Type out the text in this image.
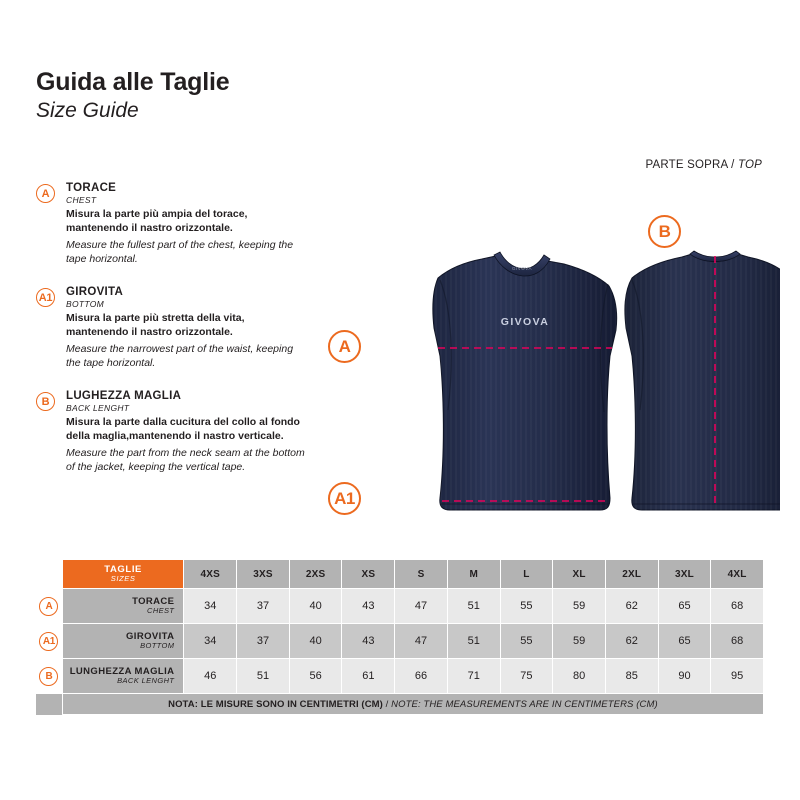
Guida alle Taglie
Size Guide
PARTE SOPRA / TOP
A	TORACE
CHEST
Misura la parte più ampia del torace, mantenendo il nastro orizzontale.
Measure the fullest part of the chest, keeping the tape horizontal.
A1 GIROVITA
BOTTOM
Misura la parte più stretta della vita, mantenendo il nastro orizzontale.
Measure the narrowest part of the waist, keeping the tape horizontal.
B	LUGHEZZA MAGLIA
BACK LENGHT
Misura la parte dalla cucitura del collo al fondo della maglia,mantenendo il nastro verticale.
Measure the part from the neck seam at the bottom of the jacket, keeping the vertical tape.
GIVOVA
GIVOVA
A
A1
B

	TAGLIE
SIZES	4XS	3XS	2XS	XS	S	M	L	XL	2XL	3XL	4XL

A	TORACE
CHEST	34	37	40	43	47	51	55	59	62	65	68

A1	GIROVITA
BOTTOM	34	37	40	43	47	51	55	59	62	65	68

B	LUNGHEZZA MAGLIA
BACK LENGHT	46	51	56	61	66	71	75	80	85	90	95
	NOTA: LE MISURE SONO IN CENTIMETRI (CM) / NOTE: THE MEASUREMENTS ARE IN CENTIMETERS (CM)											
